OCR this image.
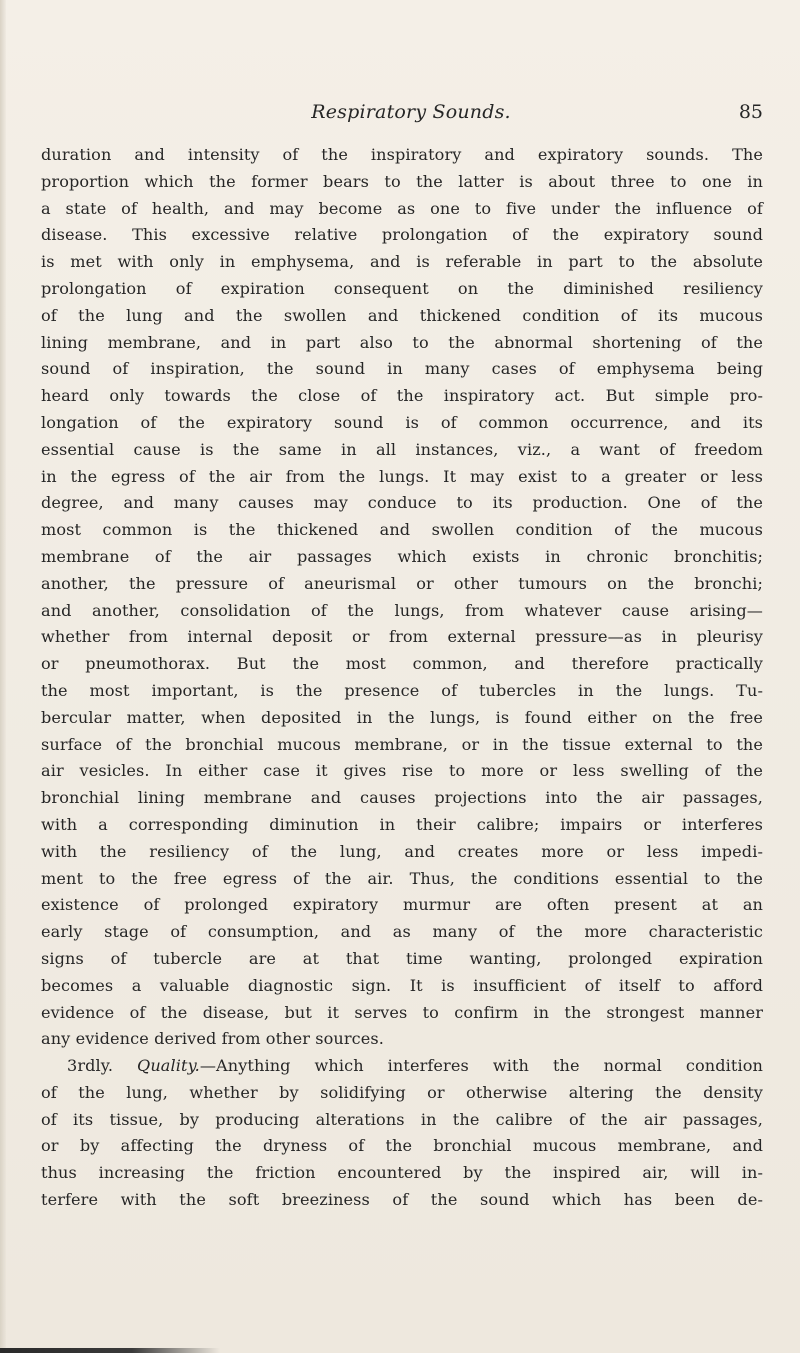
Respiratory Sounds.	85
duration and intensity of the inspiratory and expiratory sounds. The
proportion which the former bears to the latter is about three to one in
a state of health, and may become as one to five under the influence of
disease. This excessive relative prolongation of the expiratory sound
is met with only in emphysema, and is referable in part to the absolute
prolongation of expiration consequent on the diminished resiliency
of the lung and the swollen and thickened condition of its mucous
lining membrane, and in part also to the abnormal shortening of the
sound of inspiration, the sound in many cases of emphysema being
heard only towards the close of the inspiratory act. But simple pro-
longation of the expiratory sound is of common occurrence, and its
essential cause is the same in all instances, viz., a want of freedom
in the egress of the air from the lungs. It may exist to a greater or less
degree, and many causes may conduce to its production. One of the
most common is the thickened and swollen condition of the mucous
membrane of the air passages which exists in chronic bronchitis;
another, the pressure of aneurismal or other tumours on the bronchi;
and another, consolidation of the lungs, from whatever cause arising—
whether from internal deposit or from external pressure—as in pleurisy
or pneumothorax. But the most common, and therefore practically
the most important, is the presence of tubercles in the lungs. Tu-
bercular matter, when deposited in the lungs, is found either on the free
surface of the bronchial mucous membrane, or in the tissue external to the
air vesicles. In either case it gives rise to more or less swelling of the
bronchial lining membrane and causes projections into the air passages,
with a corresponding diminution in their calibre; impairs or interferes
with the resiliency of the lung, and creates more or less impedi-
ment to the free egress of the air. Thus, the conditions essential to the
existence of prolonged expiratory murmur are often present at an
early stage of consumption, and as many of the more characteristic
signs of tubercle are at that time wanting, prolonged expiration
becomes a valuable diagnostic sign. It is insufficient of itself to afford
evidence of the disease, but it serves to confirm in the strongest manner
any evidence derived from other sources.
3rdly. Quality.—Anything which interferes with the normal condition
of the lung, whether by solidifying or otherwise altering the density
of its tissue, by producing alterations in the calibre of the air passages,
or by affecting the dryness of the bronchial mucous membrane, and
thus increasing the friction encountered by the inspired air, will in-
terfere with the soft breeziness of the sound which has been de-
